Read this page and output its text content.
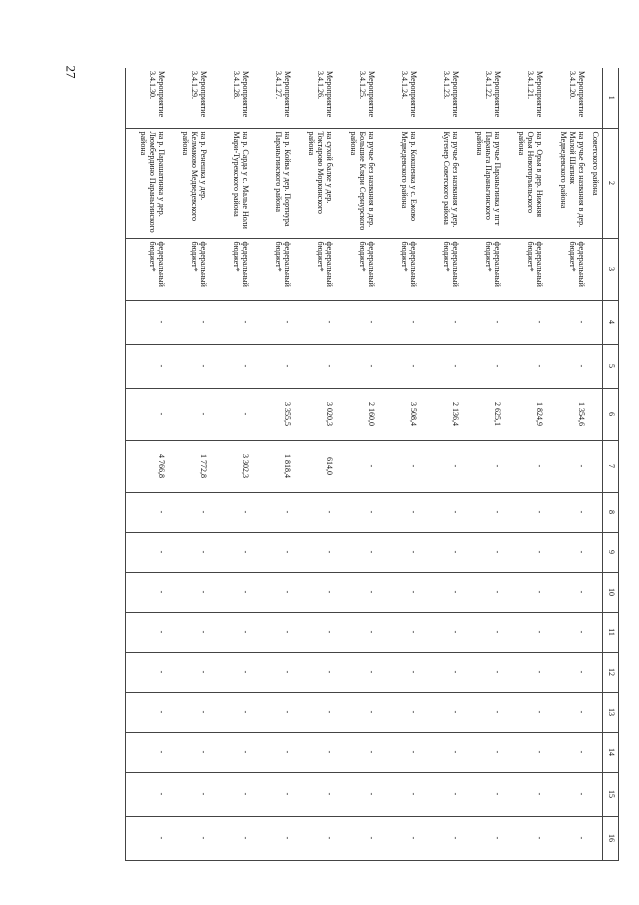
27
1	2	3	4	5	6	7	8	9	10	11	12	13	14	15	16
	Советского района														
Мероприятие 3.4.1.20.	на ручье без названия в дер. Малой Шапняк Медведевского района	федеральный бюджет*	-	-	1 354,6	-	-	-	-	-	-	-	-	-	-
Мероприятие 3.4.1.21.	на р. Орья в дер. Нижняя Орья Новоторъяльского района	федеральный бюджет*	-	-	1 824,9	-	-	-	-	-	-	-	-	-	-
Мероприятие 3.4.1.22.	на ручье Параньгинка у пгт Параньга Параньгинского района	федеральный бюджет*	-	-	2 625,1	-	-	-	-	-	-	-	-	-	-
Мероприятие 3.4.1.23.	на ручье без названия у дер. Кугенер Советского района	федеральный бюджет*	-	-	2 136,4	-	-	-	-	-	-	-	-	-	-
Мероприятие 3.4.1.24.	на р. Кокшенка у с. Ежово Медведевского района	федеральный бюджет*	-	-	3 508,4	-	-	-	-	-	-	-	-	-	-
Мероприятие 3.4.1.25.	на ручье без названия в дер. Большие Кляри Сернурского района	федеральный бюджет*	-	-	2 160,0	-	-	-	-	-	-	-	-	-	-
Мероприятие 3.4.1.26.	на сухой балке у дер. Токтарово Моркинского района	федеральный бюджет*	-	-	3 020,3	614,0	-	-	-	-	-	-	-	-	-
Мероприятие 3.4.1.27.	на р. Койва у дер. Портнура Параньгинского района	федеральный бюджет*	-	-	3 355,5	1 818,4	-	-	-	-	-	-	-	-	-
Мероприятие 3.4.1.28.	на р. Сарда у с. Малые Ноли Мари-Турекского района	федеральный бюджет*	-	-	-	3 302,3	-	-	-	-	-	-	-	-	-
Мероприятие 3.4.1.29.	на р. Ренешка у дер. Келмаково Медведевского района	федеральный бюджет*	-	-	-	1 772,8	-	-	-	-	-	-	-	-	-
Мероприятие 3.4.1.30.	на р. Парашатинка у дер. Люмбердино Параньгинского района	федеральный бюджет*	-	-	-	4 766,8	-	-	-	-	-	-	-	-	-
